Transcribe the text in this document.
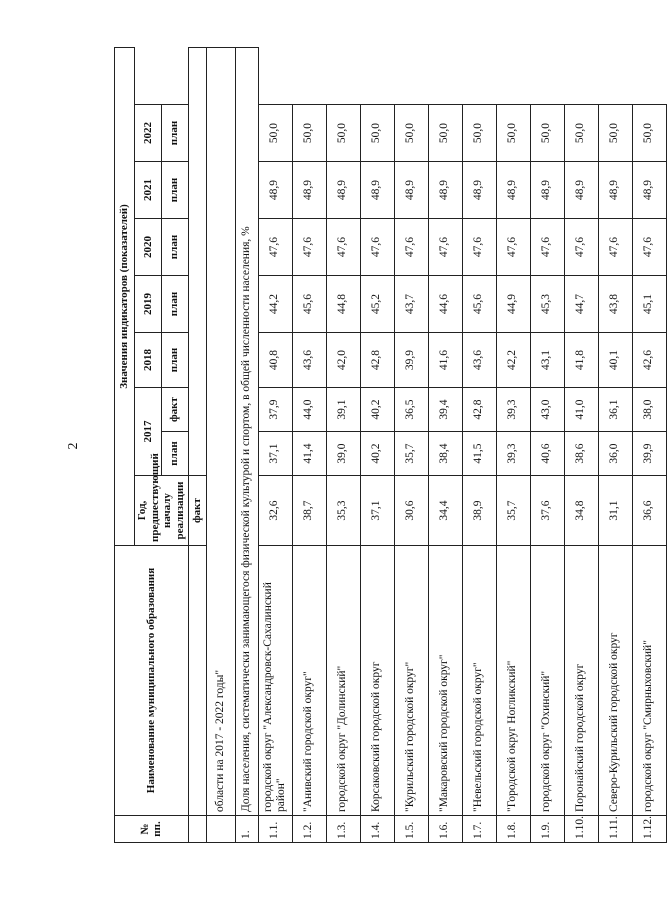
2
№ пп.	Наименование муниципального образования	Значения индикаторов (показателей)							
		Год, предшествующий началу реализации	2017		2018	2019	2020	2021	2022
			план	факт	план	план	план	план	план
		факт							
	области на 2017 - 2022 годы"								
1.	Доля населения, систематически занимающегося физической культурой и спортом, в общей численности населения, %								
1.1.	городской округ "Александровск-Сахалинский район"	32,6	37,1	37,9	40,8	44,2	47,6	48,9	50,0
1.2.	"Анивский городской округ"	38,7	41,4	44,0	43,6	45,6	47,6	48,9	50,0
1.3.	городской округ "Долинский"	35,3	39,0	39,1	42,0	44,8	47,6	48,9	50,0
1.4.	Корсаковский городской округ	37,1	40,2	40,2	42,8	45,2	47,6	48,9	50,0
1.5.	"Курильский городской округ"	30,6	35,7	36,5	39,9	43,7	47,6	48,9	50,0
1.6.	"Макаровский городской округ"	34,4	38,4	39,4	41,6	44,6	47,6	48,9	50,0
1.7.	"Невельский городской округ"	38,9	41,5	42,8	43,6	45,6	47,6	48,9	50,0
1.8.	"Городской округ Ногликский"	35,7	39,3	39,3	42,2	44,9	47,6	48,9	50,0
1.9.	городской округ "Охинский"	37,6	40,6	43,0	43,1	45,3	47,6	48,9	50,0
1.10.	Поронайский городской округ	34,8	38,6	41,0	41,8	44,7	47,6	48,9	50,0
1.11.	Северо-Курильский городской округ	31,1	36,0	36,1	40,1	43,8	47,6	48,9	50,0
1.12.	городской округ "Смирныховский"	36,6	39,9	38,0	42,6	45,1	47,6	48,9	50,0
